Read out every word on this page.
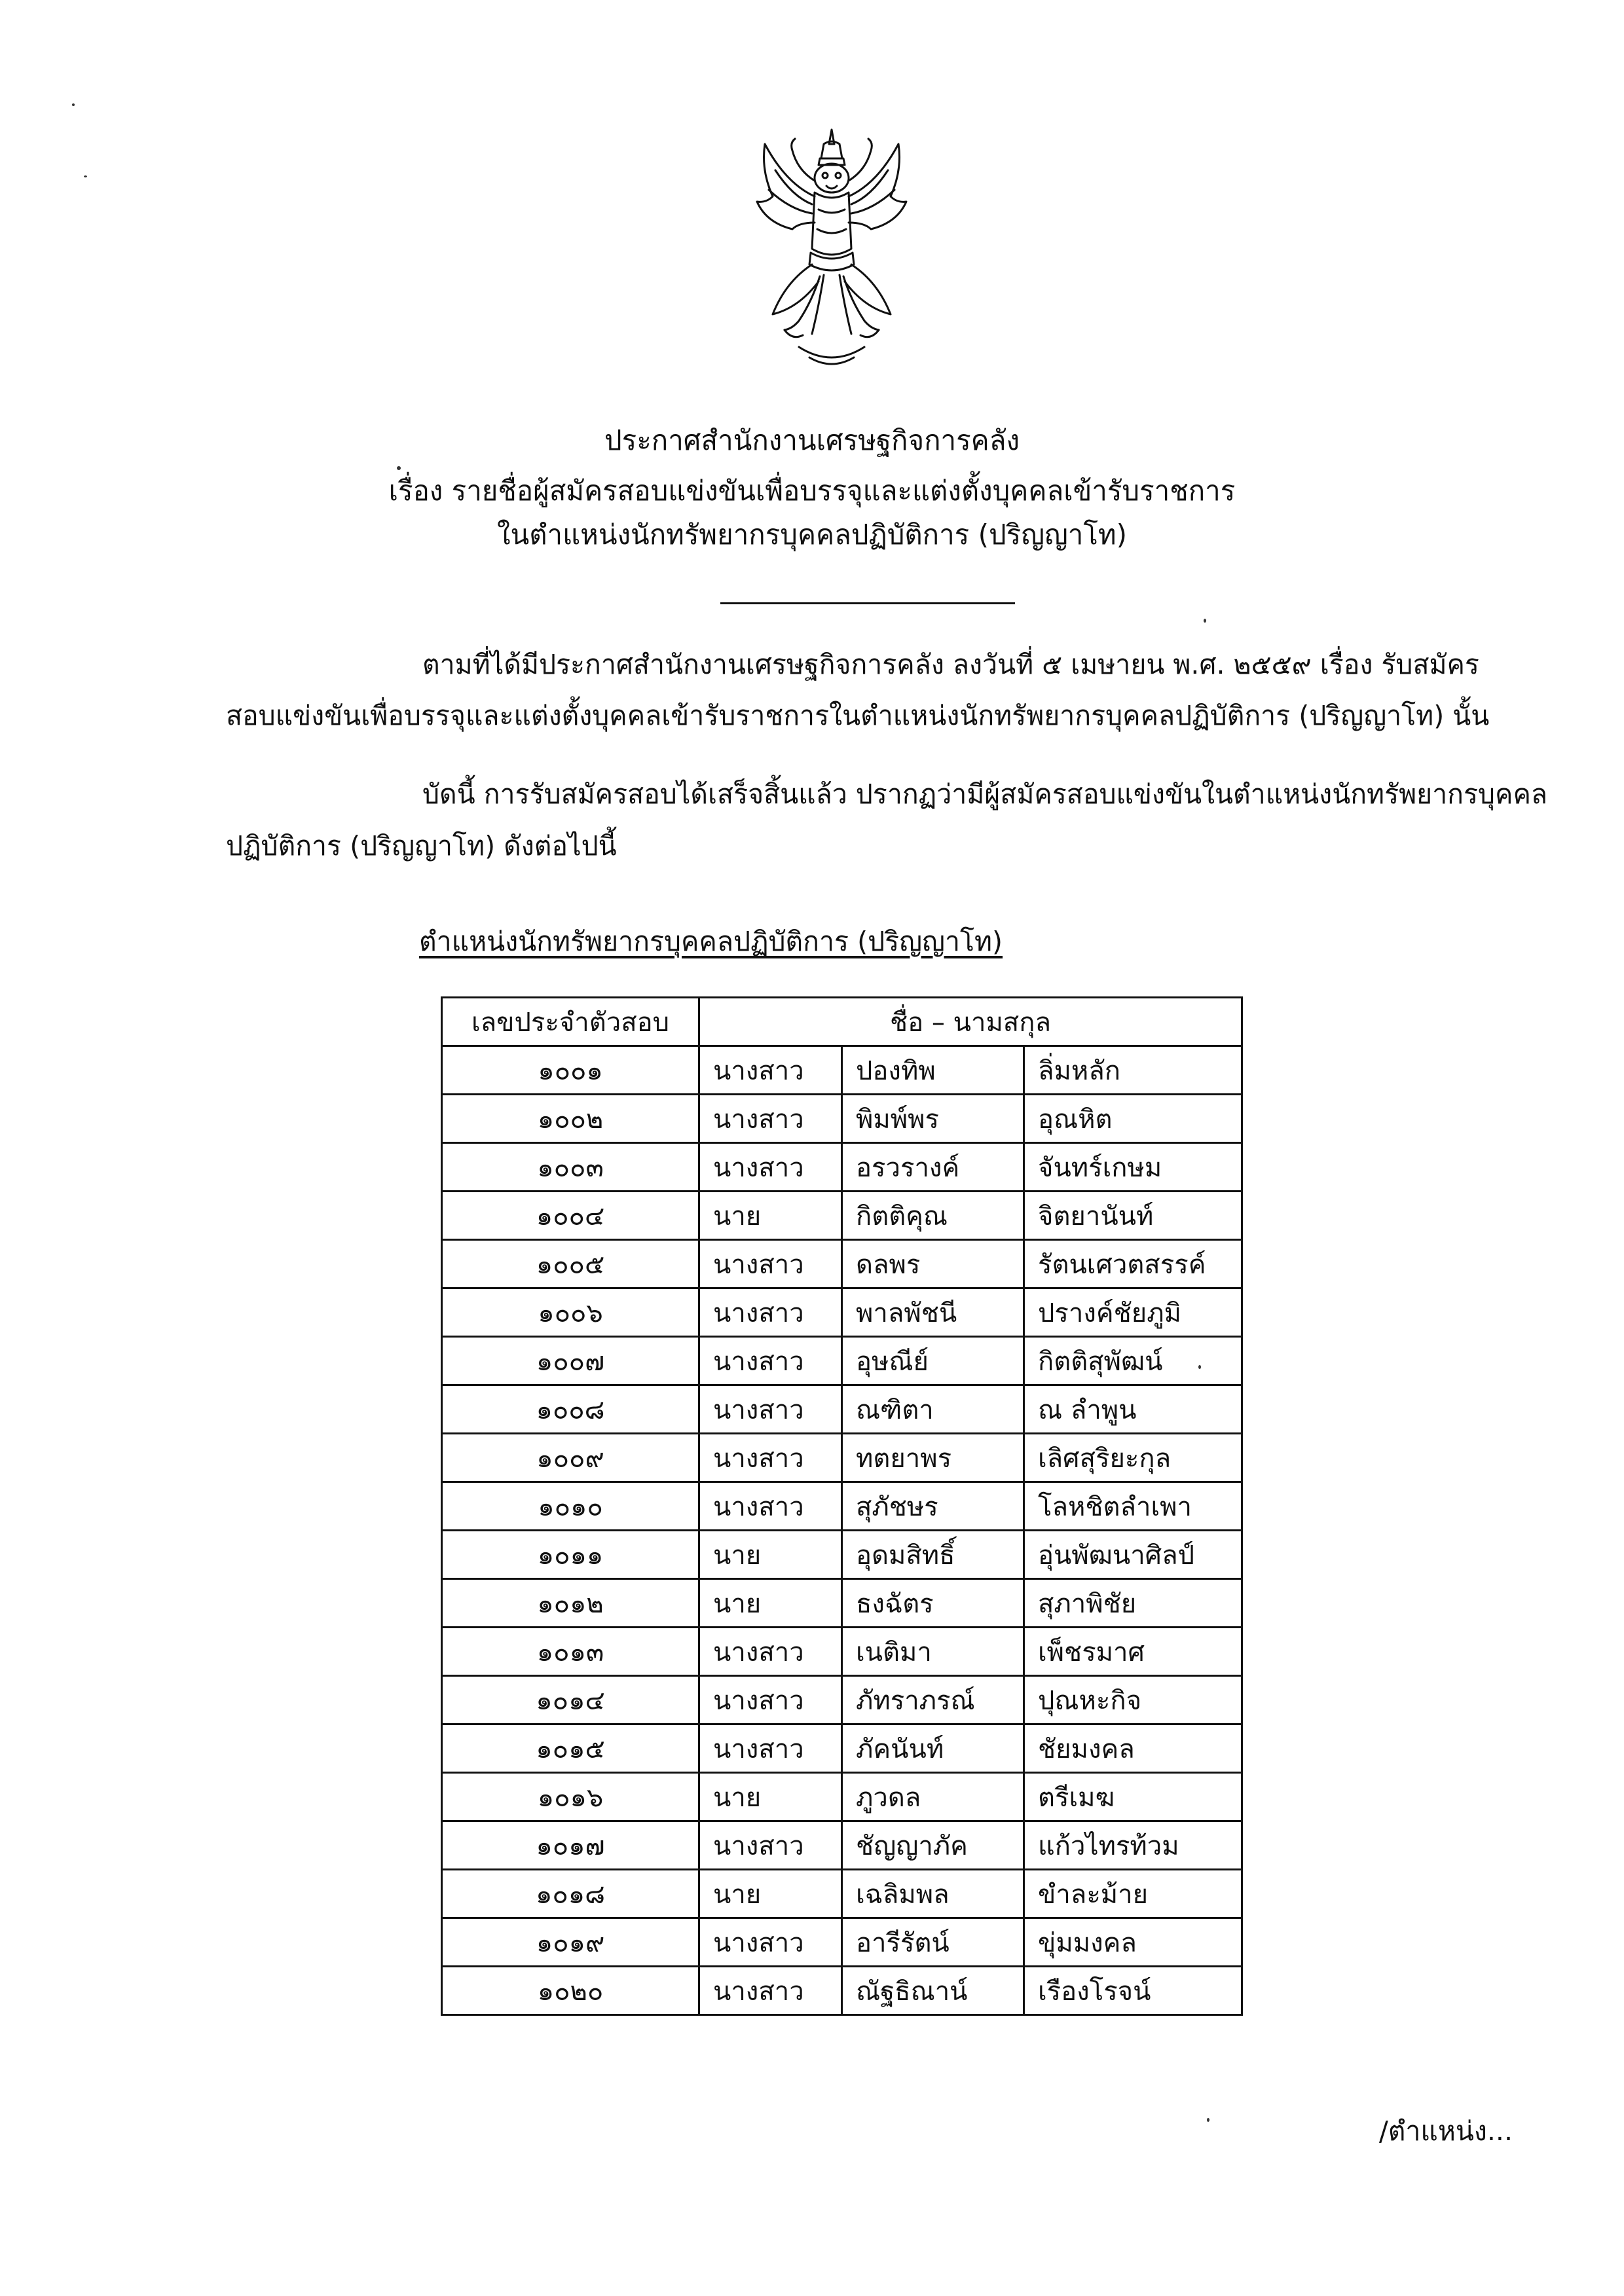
ประกาศสำนักงานเศรษฐกิจการคลัง
เรื่อง รายชื่อผู้สมัครสอบแข่งขันเพื่อบรรจุและแต่งตั้งบุคคลเข้ารับราชการ
ในตำแหน่งนักทรัพยากรบุคคลปฏิบัติการ (ปริญญาโท)
ตามที่ได้มีประกาศสำนักงานเศรษฐกิจการคลัง ลงวันที่ ๕ เมษายน พ.ศ. ๒๕๕๙ เรื่อง รับสมัคร
สอบแข่งขันเพื่อบรรจุและแต่งตั้งบุคคลเข้ารับราชการในตำแหน่งนักทรัพยากรบุคคลปฏิบัติการ (ปริญญาโท) นั้น
บัดนี้ การรับสมัครสอบได้เสร็จสิ้นแล้ว ปรากฏว่ามีผู้สมัครสอบแข่งขันในตำแหน่งนักทรัพยากรบุคคล
ปฏิบัติการ (ปริญญาโท) ดังต่อไปนี้
ตำแหน่งนักทรัพยากรบุคคลปฏิบัติการ (ปริญญาโท)
เลขประจำตัวสอบ	ชื่อ – นามสกุล		
๑๐๐๑	นางสาว	ปองทิพ	ลิ่มหลัก
๑๐๐๒	นางสาว	พิมพ์พร	อุณหิต
๑๐๐๓	นางสาว	อรวรางค์	จันทร์เกษม
๑๐๐๔	นาย	กิตติคุณ	จิตยานันท์
๑๐๐๕	นางสาว	ดลพร	รัตนเศวตสรรค์
๑๐๐๖	นางสาว	พาลพัชนี	ปรางค์ชัยภูมิ
๑๐๐๗	นางสาว	อุษณีย์	กิตติสุพัฒน์
๑๐๐๘	นางสาว	ณฑิตา	ณ ลำพูน
๑๐๐๙	นางสาว	ทตยาพร	เลิศสุริยะกุล
๑๐๑๐	นางสาว	สุภัชษร	โลหชิตลำเพา
๑๐๑๑	นาย	อุดมสิทธิ์	อุ่นพัฒนาศิลป์
๑๐๑๒	นาย	ธงฉัตร	สุภาพิชัย
๑๐๑๓	นางสาว	เนติมา	เพ็ชรมาศ
๑๐๑๔	นางสาว	ภัทราภรณ์	ปุณหะกิจ
๑๐๑๕	นางสาว	ภัคนันท์	ชัยมงคล
๑๐๑๖	นาย	ภูวดล	ตรีเมฆ
๑๐๑๗	นางสาว	ชัญญาภัค	แก้วไทรท้วม
๑๐๑๘	นาย	เฉลิมพล	ขำละม้าย
๑๐๑๙	นางสาว	อารีรัตน์	ขุ่มมงคล
๑๐๒๐	นางสาว	ณัฐธิณาน์	เรืองโรจน์
/ตำแหน่ง...
